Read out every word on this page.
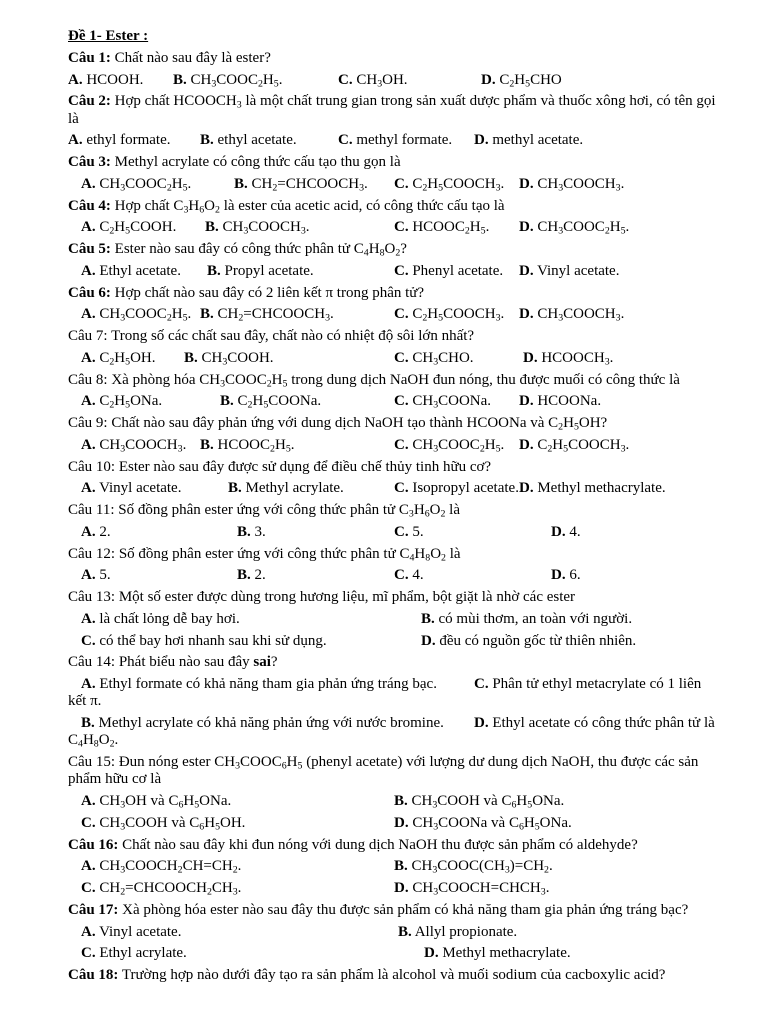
Đề 1- Ester :

Câu 1: Chất nào sau đây là ester?

A. HCOOH. B. $CH_3COOC_2H_5$.	C. $CH_3OH$.	D. $C_2H_5CHO$

Câu 2: Hợp chất $HCOOCH_3$ là một chất trung gian trong sản xuất dược phẩm và thuốc xông hơi, có tên gọi là

A. ethyl formate. B. ethyl acetate.	C. methyl formate. D. methyl acetate.

Câu 3: Methyl acrylate có công thức cấu tạo thu gọn là

A. $CH_3COOC_2H_5$.	B. $CH_2=CHCOOCH_3$. C. $C_2H_5COOCH_3$. D. $CH_3COOCH_3$.

Câu 4: Hợp chất $C_3H_6O_2$ là ester của acetic acid, có công thức cấu tạo là

A. $C_2H_5COOH$. B. $CH_3COOCH_3$.	C. $HCOOC_2H_5$. D. $CH_3COOC_2H_5$.

Câu 5: Ester nào sau đây có công thức phân tử $C_4H_8O_2$?

A. Ethyl acetate. B. Propyl acetate.	C. Phenyl acetate. D. Vinyl acetate.

Câu 6: Hợp chất nào sau đây có 2 liên kết π trong phân tử?

A. $CH_3COOC_2H_5$. B. $CH_2=CHCOOCH_3$.	C. $C_2H_5COOCH_3$. D. $CH_3COOCH_3$.

Câu 7: Trong số các chất sau đây, chất nào có nhiệt độ sôi lớn nhất?

A. $C_2H_5OH$. B. $CH_3COOH$.	C. $CH_3CHO$.	D. $HCOOCH_3$.

Câu 8: Xà phòng hóa $CH_3COOC_2H_5$ trong dung dịch NaOH đun nóng, thu được muối có công thức là

A. $C_2H_5ONa$.	B. $C_2H_5COONa$.	C. $CH_3COONa$. D. HCOONa.

Câu 9: Chất nào sau đây phản ứng với dung dịch NaOH tạo thành HCOONa và $C_2H_5OH$?

A. $CH_3COOCH_3$. B. $HCOOC_2H_5$.	C. $CH_3COOC_2H_5$. D. $C_2H_5COOCH_3$.

Câu 10: Ester nào sau đây được sử dụng để điều chế thủy tinh hữu cơ?

A. Vinyl acetate.	B. Methyl acrylate.	C. Isopropyl acetate.D. Methyl methacrylate.

Câu 11: Số đồng phân ester ứng với công thức phân tử $C_3H_6O_2$ là

A. 2.	B. 3.	C. 5.	D. 4.

Câu 12: Số đồng phân ester ứng với công thức phân tử $C_4H_8O_2$ là

A. 5.	B. 2.	C. 4.	D. 6.

Câu 13: Một số ester được dùng trong hương liệu, mĩ phẩm, bột giặt là nhờ các ester

A. là chất lỏng dễ bay hơi.	B. có mùi thơm, an toàn với người.

C. có thể bay hơi nhanh sau khi sử dụng.	D. đều có nguồn gốc từ thiên nhiên.

Câu 14: Phát biểu nào sau đây sai?

A. Ethyl formate có khả năng tham gia phản ứng tráng bạc. C. Phân tử ethyl metacrylate có 1 liên kết π.

B. Methyl acrylate có khả năng phản ứng với nước bromine. D. Ethyl acetate có công thức phân tử là $C_4H_8O_2$.

Câu 15: Đun nóng ester $CH_3COOC_6H_5$ (phenyl acetate) với lượng dư dung dịch NaOH, thu được các sản phẩm hữu cơ là

A. $CH_3OH$ và $C_6H_5ONa$.	B. $CH_3COOH$ và $C_6H_5ONa$.

C. $CH_3COOH$ và $C_6H_5OH$.	D. $CH_3COONa$ và $C_6H_5ONa$.

Câu 16: Chất nào sau đây khi đun nóng với dung dịch NaOH thu được sản phẩm có aldehyde?

A. $CH_3COOCH_2CH=CH_2$.	B. $CH_3COOC(CH_3)=CH_2$.

C. $CH_2=CHCOOCH_2CH_3$.	D. $CH_3COOCH=CHCH_3$.

Câu 17: Xà phòng hóa ester nào sau đây thu được sản phẩm có khả năng tham gia phản ứng tráng bạc?

A. Vinyl acetate.	B. Allyl propionate.

C. Ethyl acrylate.	D. Methyl methacrylate.

Câu 18: Trường hợp nào dưới đây tạo ra sản phẩm là alcohol và muối sodium của cacboxylic acid?
